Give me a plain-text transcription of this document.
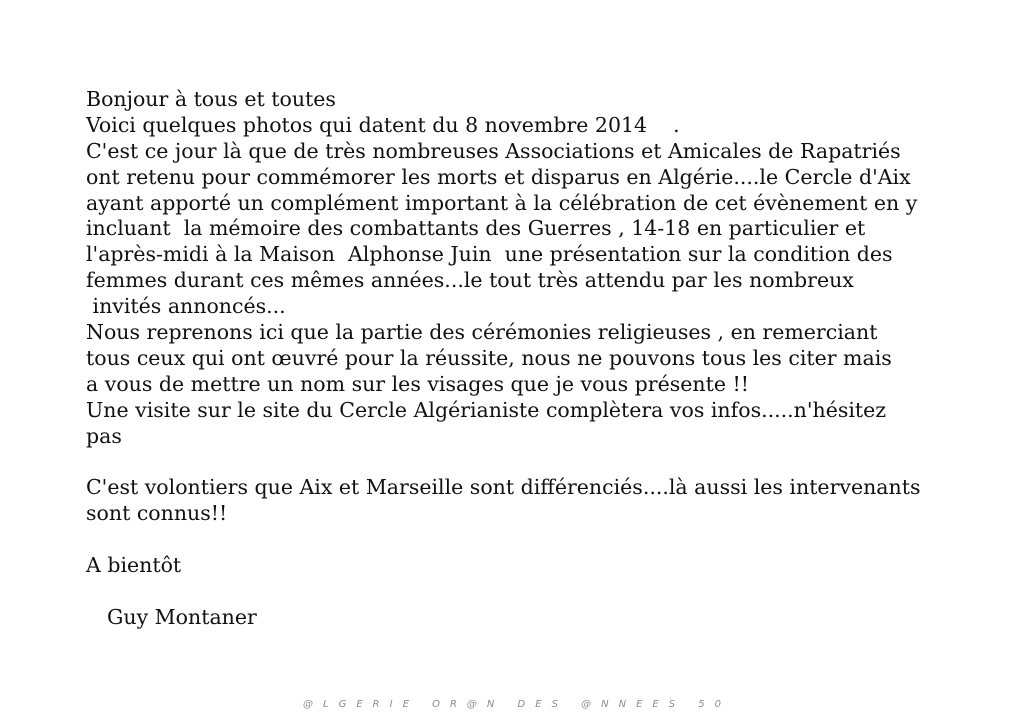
Bonjour à tous et toutes
Voici quelques photos qui datent du 8 novembre 2014    .
C'est ce jour là que de très nombreuses Associations et Amicales de Rapatriés
ont retenu pour commémorer les morts et disparus en Algérie....le Cercle d'Aix
ayant apporté un complément important à la célébration de cet évènement en y
incluant  la mémoire des combattants des Guerres , 14-18 en particulier et
l'après-midi à la Maison  Alphonse Juin  une présentation sur la condition des
femmes durant ces mêmes années...le tout très attendu par les nombreux
invités annoncés...
Nous reprenons ici que la partie des cérémonies religieuses , en remerciant
tous ceux qui ont œuvré pour la réussite, nous ne pouvons tous les citer mais
a vous de mettre un nom sur les visages que je vous présente !!
Une visite sur le site du Cercle Algérianiste complètera vos infos.....n'hésitez
pas
C'est volontiers que Aix et Marseille sont différenciés....là aussi les intervenants
sont connus!!
A bientôt
Guy Montaner
@LGERIE OR@N DES @NNEES 50
